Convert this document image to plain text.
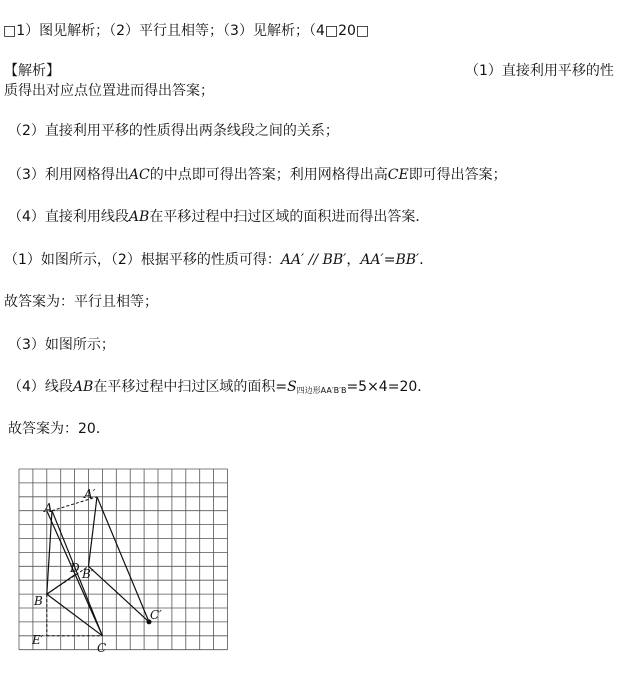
□1）图见解析；（2）平行且相等；（3）见解析；（4□20□
【解析】	（1）直接利用平移的性
质得出对应点位置进而得出答案；
（2）直接利用平移的性质得出两条线段之间的关系；
（3）利用网格得出AC的中点即可得出答案；利用网格得出高CE即可得出答案；
（4）直接利用线段AB在平移过程中扫过区域的面积进而得出答案．
（1）如图所示，（2）根据平移的性质可得：AA′ // BB′，AA′=BB′．
故答案为：平行且相等；
（3）如图所示；
（4）线段AB在平移过程中扫过区域的面积$=S_{四边形AA'B'B}=5\times 4=20$．
故答案为：20．
A
A′
B
B′
C
C′
D
E′
